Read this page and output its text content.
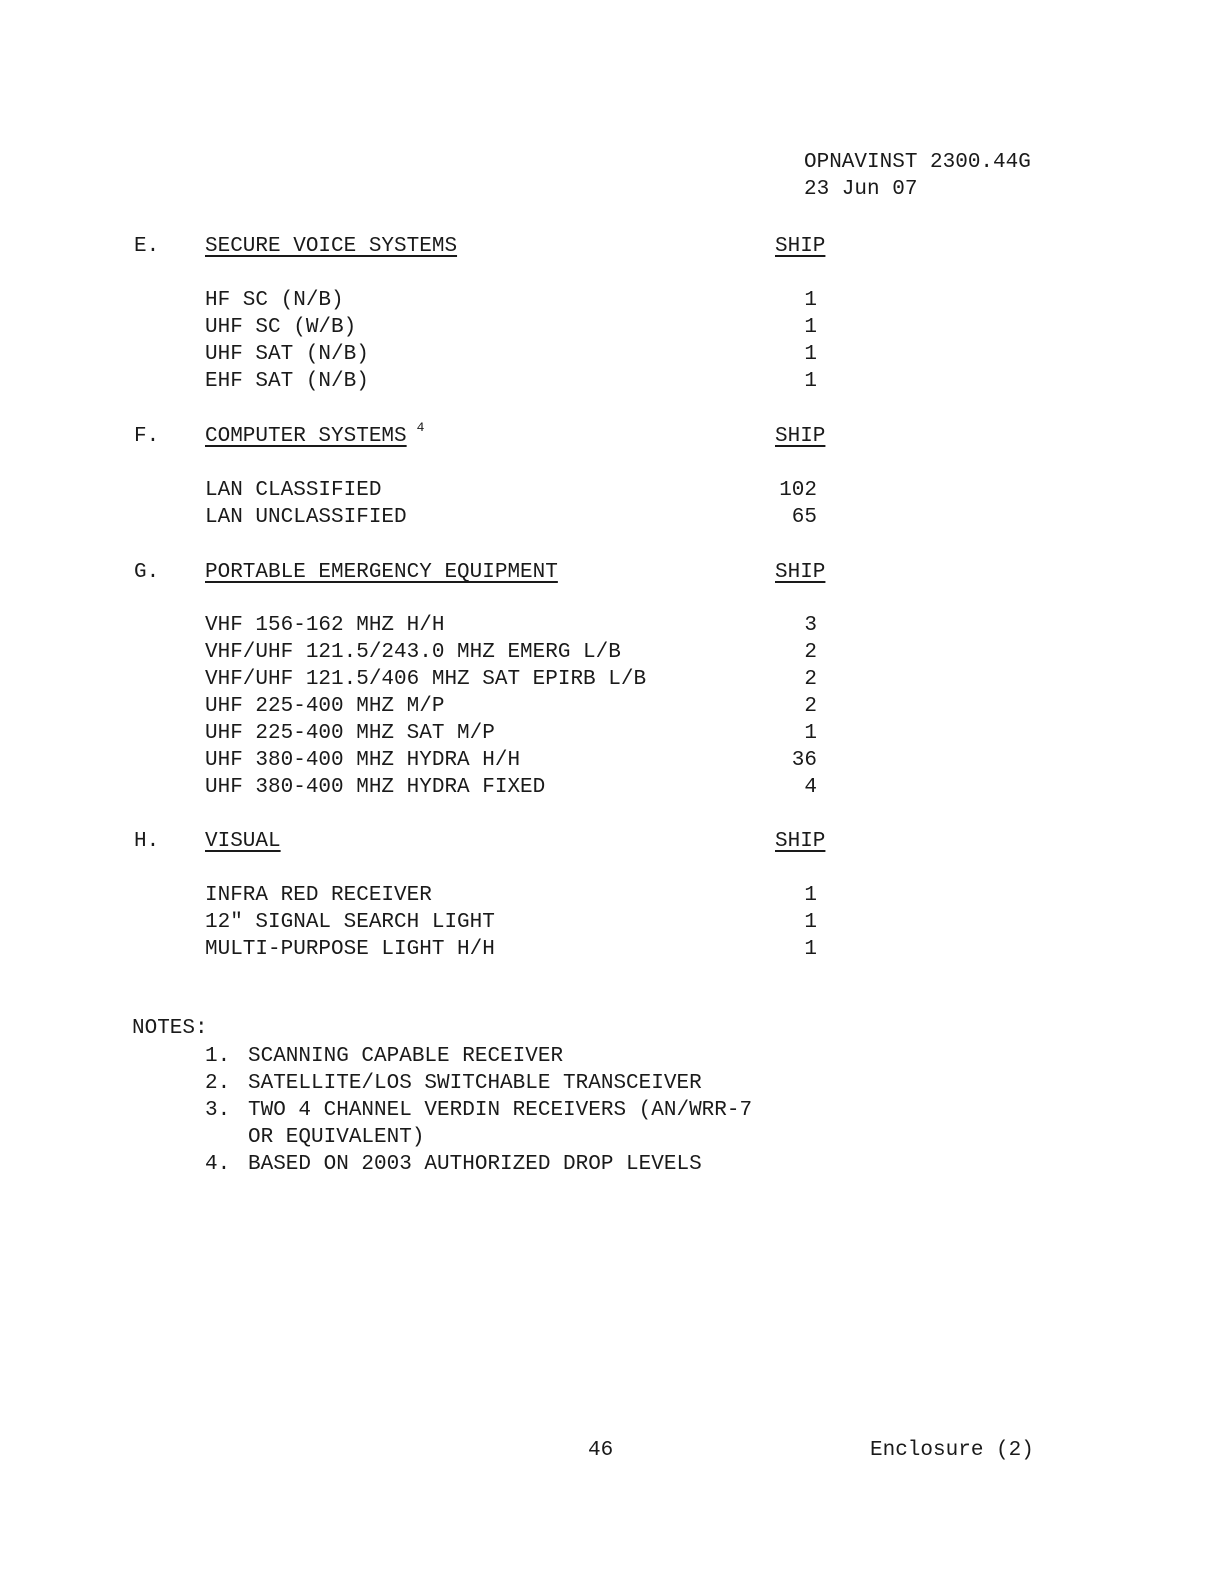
OPNAVINST 2300.44G
23 Jun 07
E. SECURE VOICE SYSTEMS	SHIP
HF SC (N/B)	1
UHF SC (W/B)	1
UHF SAT (N/B)	1
EHF SAT (N/B)	1
F. COMPUTER SYSTEMS $^4$	SHIP
LAN CLASSIFIED	102
LAN UNCLASSIFIED	65
G. PORTABLE EMERGENCY EQUIPMENT	SHIP
VHF 156-162 MHZ H/H	3
VHF/UHF 121.5/243.0 MHZ EMERG L/B	2
VHF/UHF 121.5/406 MHZ SAT EPIRB L/B	2
UHF 225-400 MHZ M/P	2
UHF 225-400 MHZ SAT M/P	1
UHF 380-400 MHZ HYDRA H/H	36
UHF 380-400 MHZ HYDRA FIXED	4
H. VISUAL	SHIP
INFRA RED RECEIVER	1
12″ SIGNAL SEARCH LIGHT	1
MULTI-PURPOSE LIGHT H/H	1
NOTES:
1. SCANNING CAPABLE RECEIVER
2. SATELLITE/LOS SWITCHABLE TRANSCEIVER
3. TWO 4 CHANNEL VERDIN RECEIVERS (AN/WRR-7
OR EQUIVALENT)
4. BASED ON 2003 AUTHORIZED DROP LEVELS
46	Enclosure (2)
